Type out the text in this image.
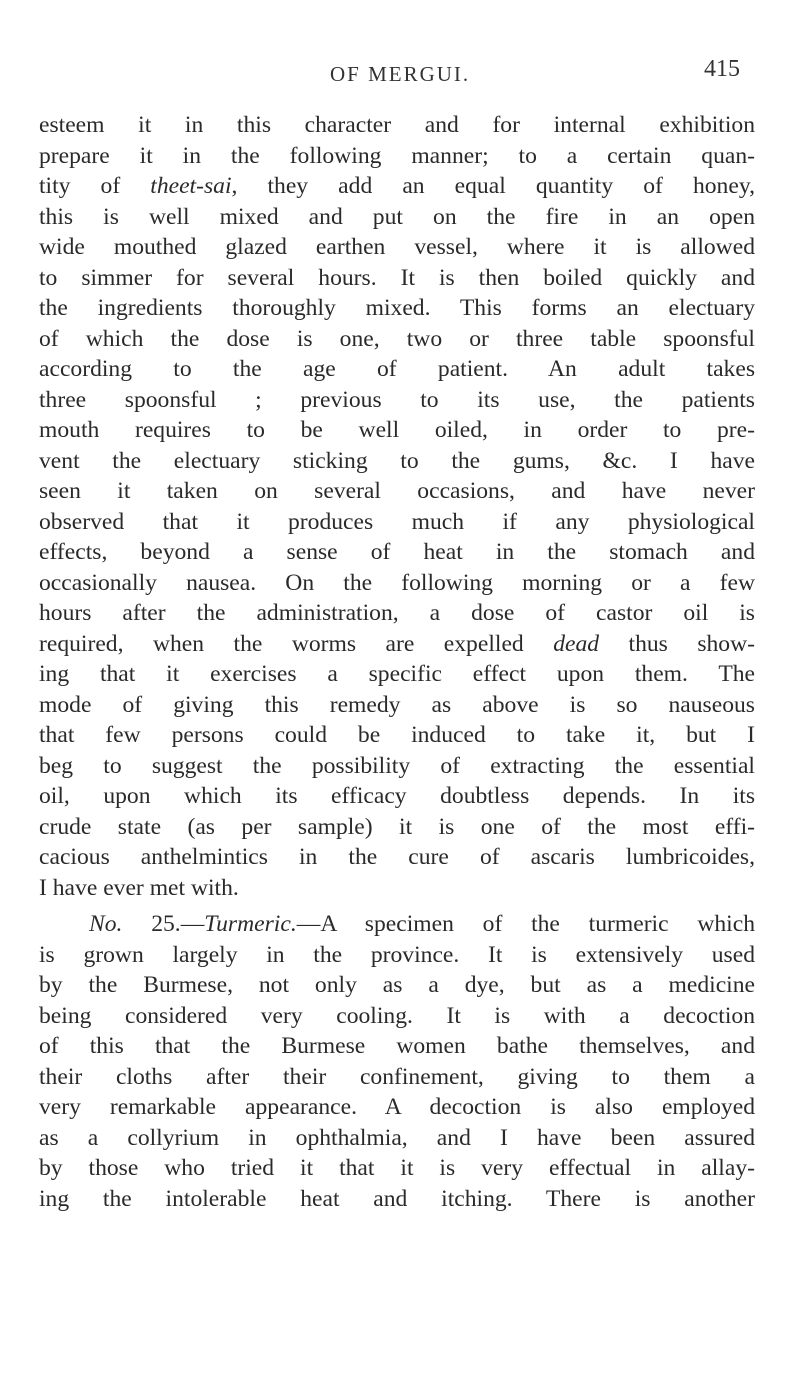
OF MERGUI.	415
esteem it in this character and for internal exhibition
prepare it in the following manner; to a certain quan-
tity of theet-sai, they add an equal quantity of honey,
this is well mixed and put on the fire in an open
wide mouthed glazed earthen vessel, where it is allowed
to simmer for several hours. It is then boiled quickly and
the ingredients thoroughly mixed. This forms an electuary
of which the dose is one, two or three table spoonsful
according to the age of patient. An adult takes
three spoonsful ; previous to its use, the patients
mouth requires to be well oiled, in order to pre-
vent the electuary sticking to the gums, &c. I have
seen it taken on several occasions, and have never
observed that it produces much if any physiological
effects, beyond a sense of heat in the stomach and
occasionally nausea. On the following morning or a few
hours after the administration, a dose of castor oil is
required, when the worms are expelled dead thus show-
ing that it exercises a specific effect upon them. The
mode of giving this remedy as above is so nauseous
that few persons could be induced to take it, but I
beg to suggest the possibility of extracting the essential
oil, upon which its efficacy doubtless depends. In its
crude state (as per sample) it is one of the most effi-
cacious anthelmintics in the cure of ascaris lumbricoides,
I have ever met with.
No. 25.—Turmeric.—A specimen of the turmeric which
is grown largely in the province. It is extensively used
by the Burmese, not only as a dye, but as a medicine
being considered very cooling. It is with a decoction
of this that the Burmese women bathe themselves, and
their cloths after their confinement, giving to them a
very remarkable appearance. A decoction is also employed
as a collyrium in ophthalmia, and I have been assured
by those who tried it that it is very effectual in allay-
ing the intolerable heat and itching. There is another
